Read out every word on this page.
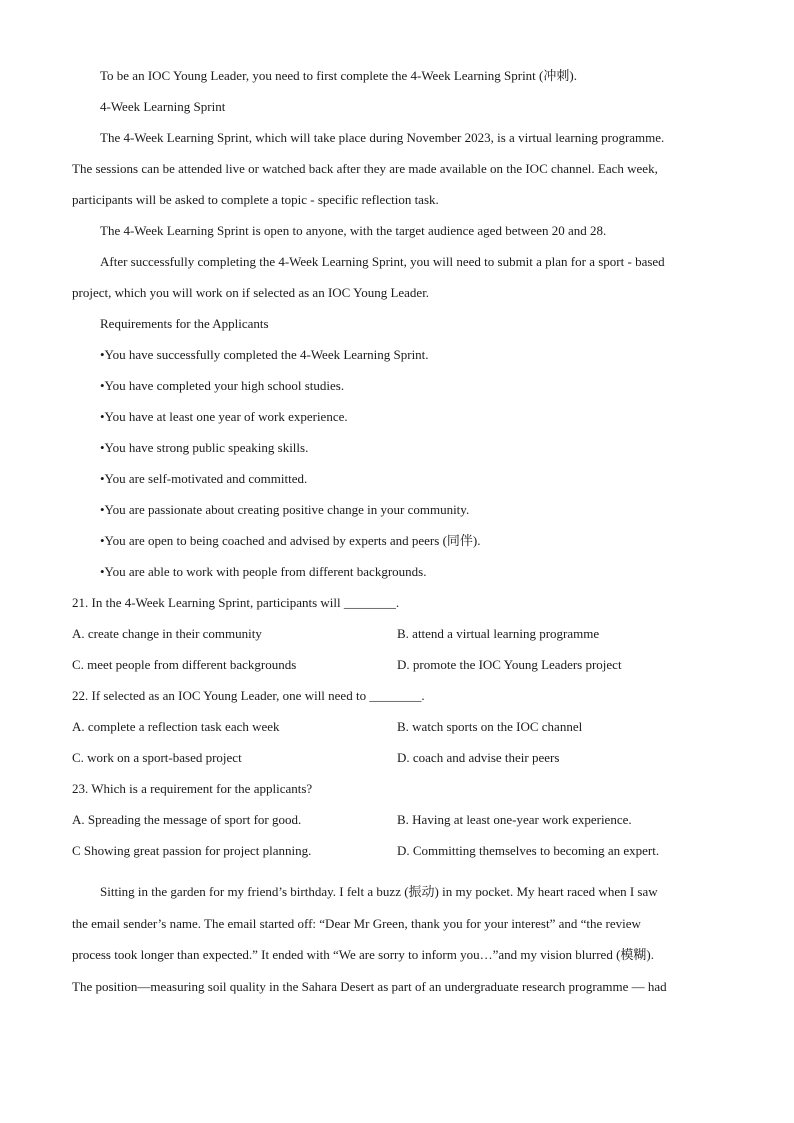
To be an IOC Young Leader, you need to first complete the 4-Week Learning Sprint (冲刺).
4-Week Learning Sprint
The 4-Week Learning Sprint, which will take place during November 2023, is a virtual learning programme.
The sessions can be attended live or watched back after they are made available on the IOC channel. Each week,
participants will be asked to complete a topic - specific reflection task.
The 4-Week Learning Sprint is open to anyone, with the target audience aged between 20 and 28.
After successfully completing the 4-Week Learning Sprint, you will need to submit a plan for a sport - based
project, which you will work on if selected as an IOC Young Leader.
Requirements for the Applicants
•You have successfully completed the 4-Week Learning Sprint.
•You have completed your high school studies.
•You have at least one year of work experience.
•You have strong public speaking skills.
•You are self-motivated and committed.
•You are passionate about creating positive change in your community.
•You are open to being coached and advised by experts and peers (同伴).
•You are able to work with people from different backgrounds.
21. In the 4-Week Learning Sprint, participants will ________.
A. create change in their community	B. attend a virtual learning programme
C. meet people from different backgrounds	D. promote the IOC Young Leaders project
22. If selected as an IOC Young Leader, one will need to ________.
A. complete a reflection task each week	B. watch sports on the IOC channel
C. work on a sport-based project	D. coach and advise their peers
23. Which is a requirement for the applicants?
A. Spreading the message of sport for good.	B. Having at least one-year work experience.
C Showing great passion for project planning.	D. Committing themselves to becoming an expert.
Sitting in the garden for my friend’s birthday. I felt a buzz (振动) in my pocket. My heart raced when I saw
the email sender’s name. The email started off: “Dear Mr Green, thank you for your interest” and “the review
process took longer than expected.” It ended with “We are sorry to inform you…”and my vision blurred (模糊).
The position—measuring soil quality in the Sahara Desert as part of an undergraduate research programme — had
